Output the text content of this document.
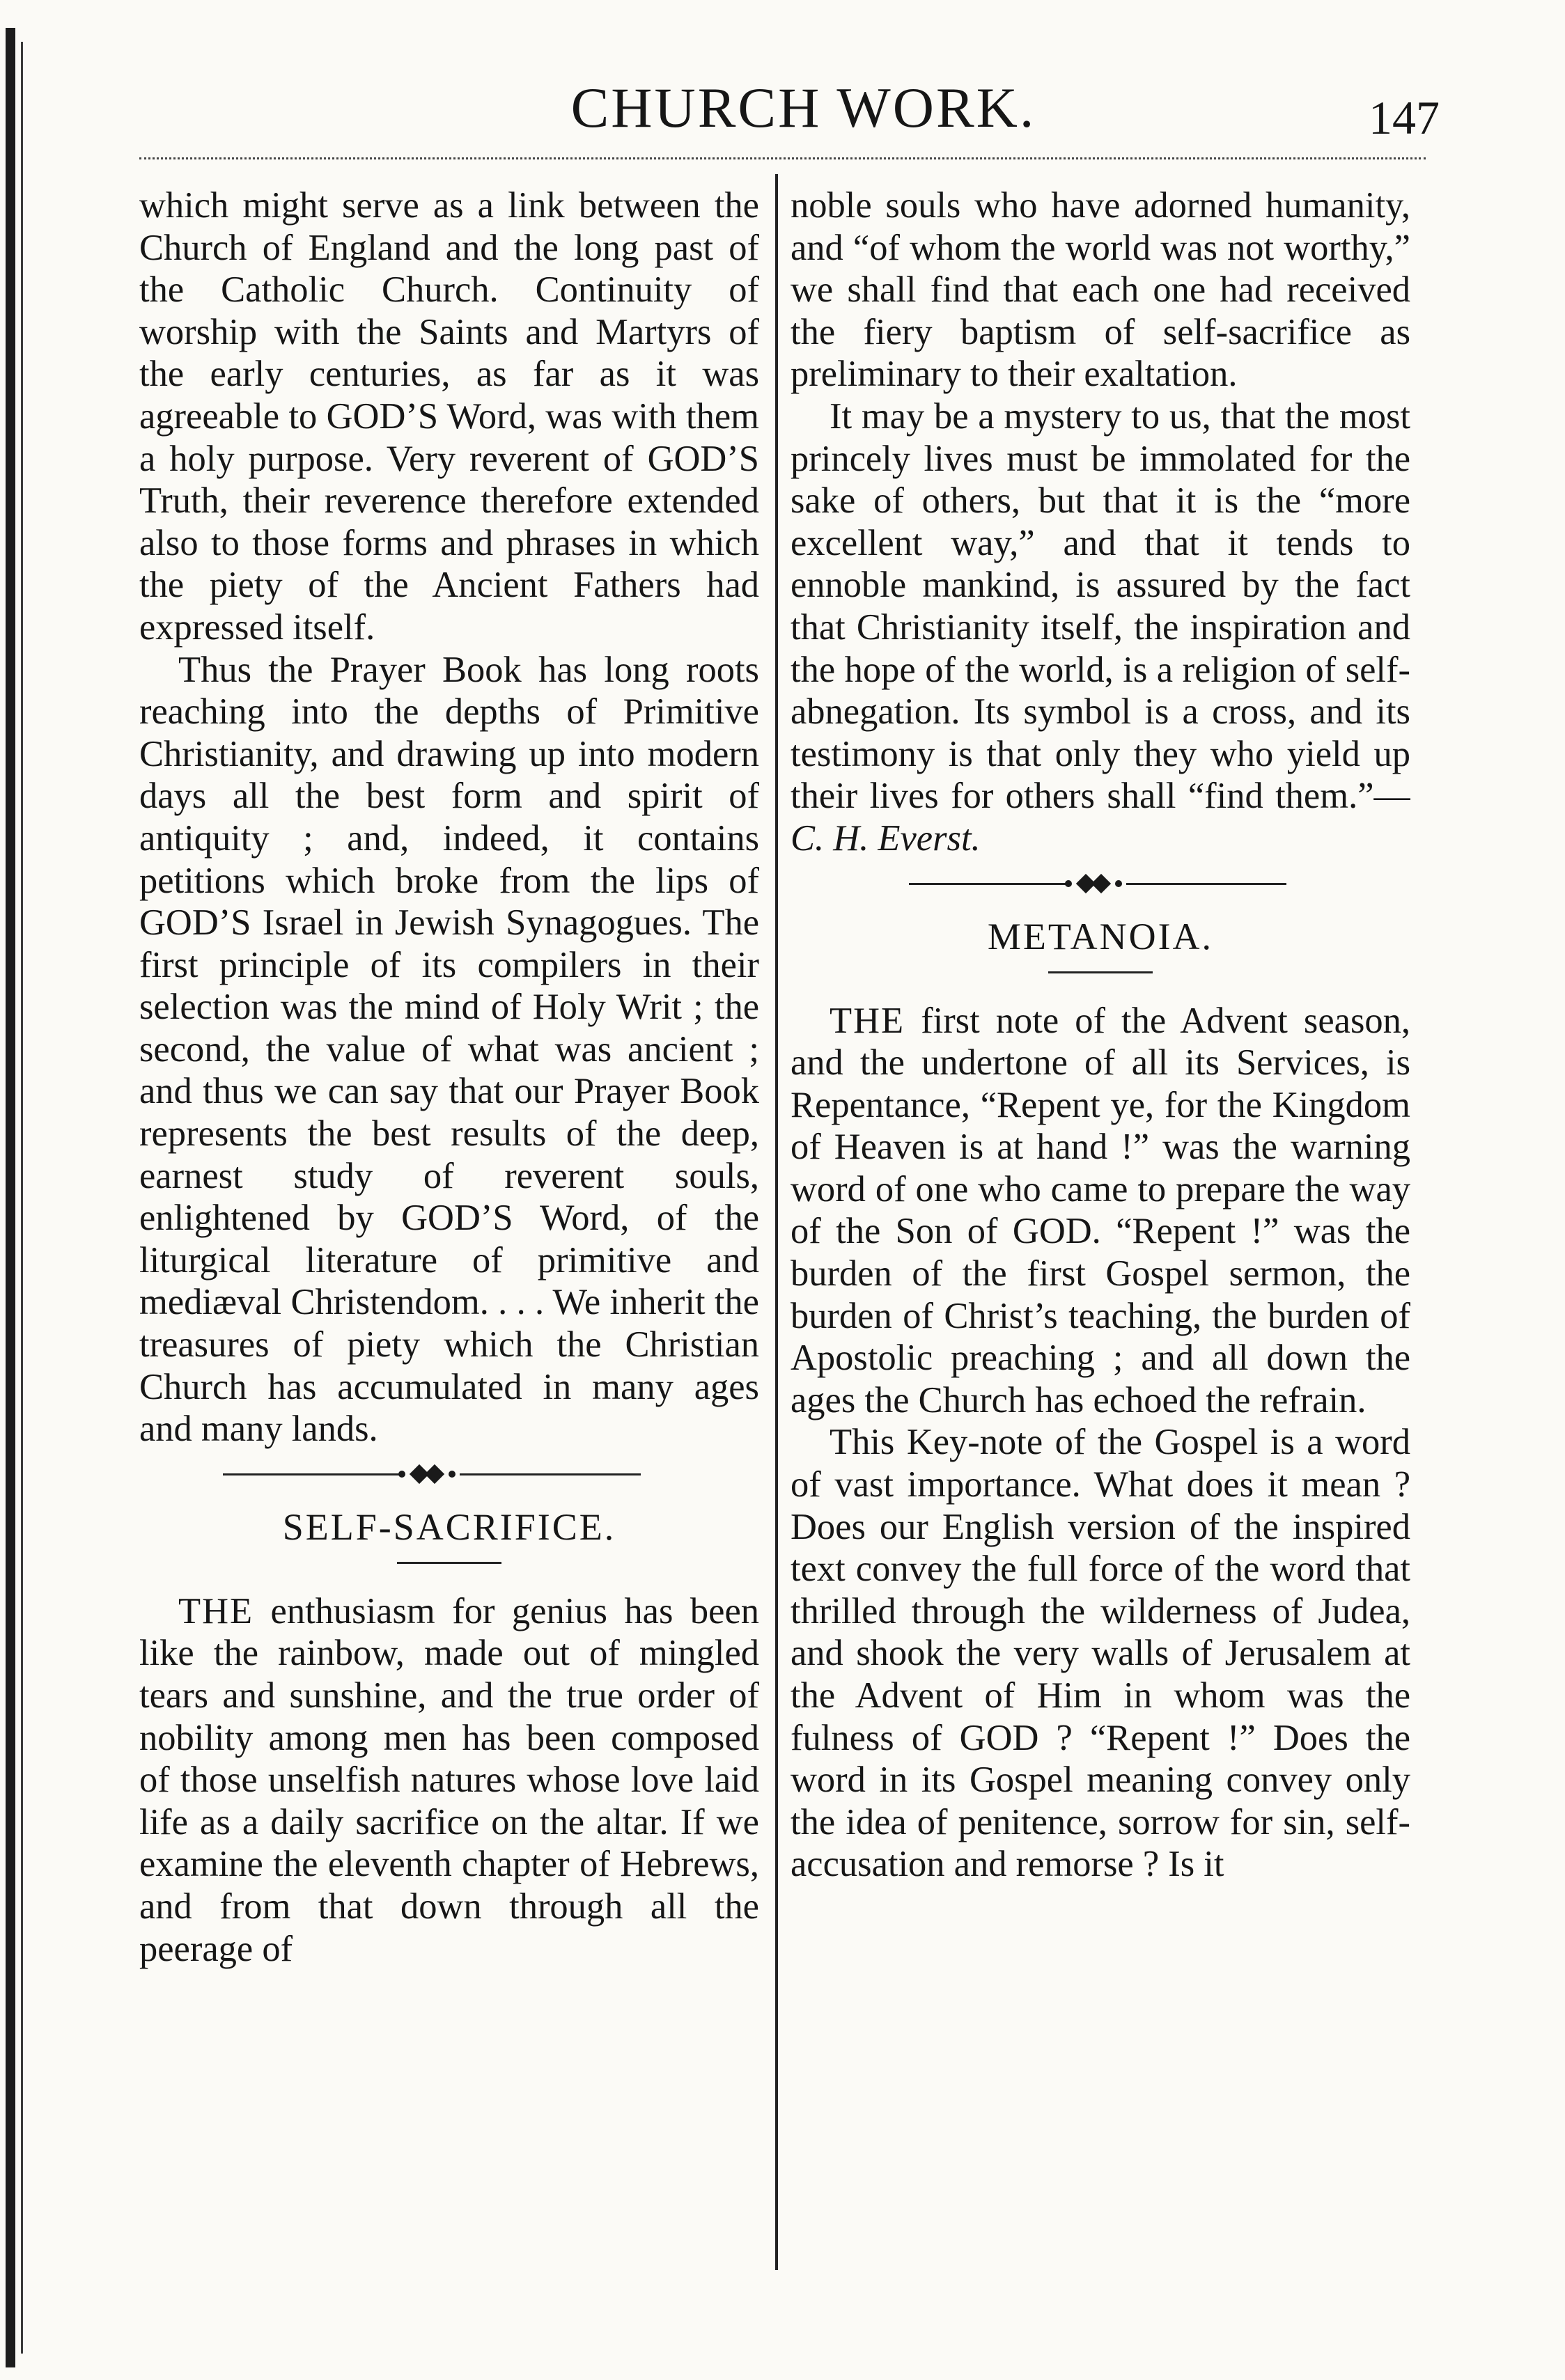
CHURCH WORK.	147

which might serve as a link between the Church of England and the long past of the Catholic Church. Continuity of worship with the Saints and Martyrs of the early centuries, as far as it was agreeable to GOD’S Word, was with them a holy purpose. Very reverent of GOD’S Truth, their reverence therefore extended also to those forms and phrases in which the piety of the Ancient Fathers had expressed itself.

Thus the Prayer Book has long roots reaching into the depths of Primitive Christianity, and drawing up into modern days all the best form and spirit of antiquity ; and, indeed, it contains petitions which broke from the lips of GOD’S Israel in Jewish Synagogues. The first principle of its compilers in their selection was the mind of Holy Writ ; the second, the value of what was ancient ; and thus we can say that our Prayer Book represents the best results of the deep, earnest study of reverent souls, enlightened by GOD’S Word, of the liturgical literature of primitive and mediæval Christendom. . . . We inherit the treasures of piety which the Christian Church has accumulated in many ages and many lands.

SELF-SACRIFICE.

THE enthusiasm for genius has been like the rainbow, made out of mingled tears and sunshine, and the true order of nobility among men has been composed of those unselfish natures whose love laid life as a daily sacrifice on the altar. If we examine the eleventh chapter of Hebrews, and from that down through all the peerage of

noble souls who have adorned humanity, and “of whom the world was not worthy,” we shall find that each one had received the fiery baptism of self-sacrifice as preliminary to their exaltation.

It may be a mystery to us, that the most princely lives must be immolated for the sake of others, but that it is the “more excellent way,” and that it tends to ennoble mankind, is assured by the fact that Christianity itself, the inspiration and the hope of the world, is a religion of self-abnegation. Its symbol is a cross, and its testimony is that only they who yield up their lives for others shall “find them.”—C. H. Everst.

METANOIA.

THE first note of the Advent season, and the undertone of all its Services, is Repentance, “Repent ye, for the Kingdom of Heaven is at hand !” was the warning word of one who came to prepare the way of the Son of GOD. “Repent !” was the burden of the first Gospel sermon, the burden of Christ’s teaching, the burden of Apostolic preaching ; and all down the ages the Church has echoed the refrain.

This Key-note of the Gospel is a word of vast importance. What does it mean ? Does our English version of the inspired text convey the full force of the word that thrilled through the wilderness of Judea, and shook the very walls of Jerusalem at the Advent of Him in whom was the fulness of GOD ? “Repent !” Does the word in its Gospel meaning convey only the idea of penitence, sorrow for sin, self-accusation and remorse ? Is it
